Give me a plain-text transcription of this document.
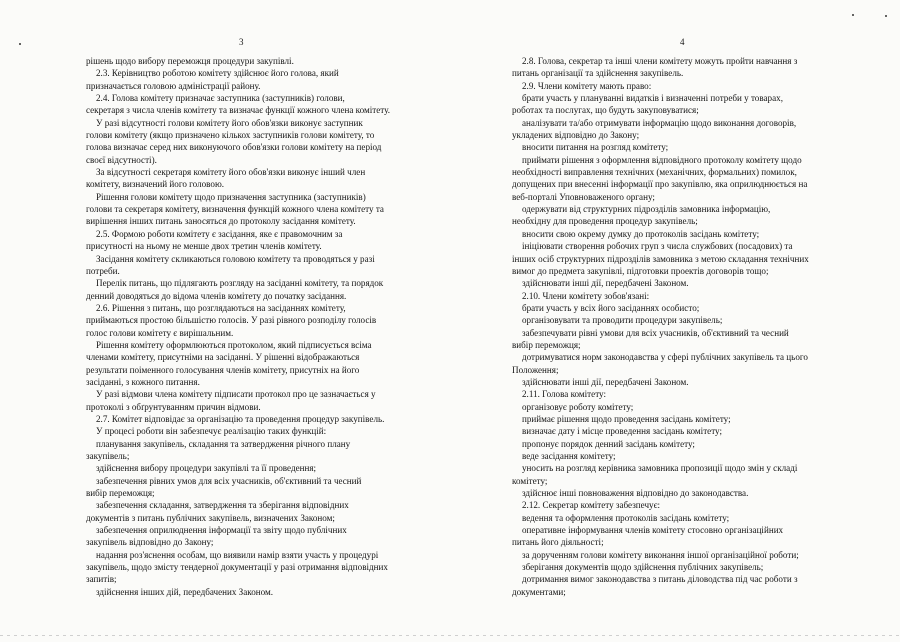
3

рішень щодо вибору переможця процедури закупівлі.

2.3. Керівництво роботою комітету здійснює його голова, який

призначається головою адміністрації району.

2.4. Голова комітету призначає заступника (заступників) голови,

секретаря з числа членів комітету та визначає функції кожного члена комітету.

У разі відсутності голови комітету його обов'язки виконує заступник

голови комітету (якщо призначено кількох заступників голови комітету, то

голова визначає серед них виконуючого обов'язки голови комітету на період

своєї відсутності).

За відсутності секретаря комітету його обов'язки виконує інший член

комітету, визначений його головою.

Рішення голови комітету щодо призначення заступника (заступників)

голови та секретаря комітету, визначення функцій кожного члена комітету та

вирішення інших питань заносяться до протоколу засідання комітету.

2.5. Формою роботи комітету є засідання, яке є правомочним за

присутності на ньому не менше двох третин членів комітету.

Засідання комітету скликаються головою комітету та проводяться у разі

потреби.

Перелік питань, що підлягають розгляду на засіданні комітету, та порядок

денний доводяться до відома членів комітету до початку засідання.

2.6. Рішення з питань, що розглядаються на засіданнях комітету,

приймаються простою більшістю голосів. У разі рівного розподілу голосів

голос голови комітету є вирішальним.

Рішення комітету оформлюються протоколом, який підписується всіма

членами комітету, присутніми на засіданні. У рішенні відображаються

результати поіменного голосування членів комітету, присутніх на його

засіданні, з кожного питання.

У разі відмови члена комітету підписати протокол про це зазначається у

протоколі з обґрунтуванням причин відмови.

2.7. Комітет відповідає за організацію та проведення процедур закупівель.

У процесі роботи він забезпечує реалізацію таких функцій:

планування закупівель, складання та затвердження річного плану

закупівель;

здійснення вибору процедури закупівлі та її проведення;

забезпечення рівних умов для всіх учасників, об'єктивний та чесний

вибір переможця;

забезпечення складання, затвердження та зберігання відповідних

документів з питань публічних закупівель, визначених Законом;

забезпечення оприлюднення інформації та звіту щодо публічних

закупівель відповідно до Закону;

надання роз'яснення особам, що виявили намір взяти участь у процедурі

закупівель, щодо змісту тендерної документації у разі отримання відповідних

запитів;

здійснення інших дій, передбачених Законом.

4

2.8. Голова, секретар та інші члени комітету можуть пройти навчання з

питань організації та здійснення закупівель.

2.9. Члени комітету мають право:

брати участь у плануванні видатків і визначенні потреби у товарах,

роботах та послугах, що будуть закуповуватися;

аналізувати та/або отримувати інформацію щодо виконання договорів,

укладених відповідно до Закону;

вносити питання на розгляд комітету;

приймати рішення з оформлення відповідного протоколу комітету щодо

необхідності виправлення технічних (механічних, формальних) помилок,

допущених при внесенні інформації про закупівлю, яка оприлюднюється на

веб-порталі Уповноваженого органу;

одержувати від структурних підрозділів замовника інформацію,

необхідну для проведення процедур закупівель;

вносити свою окрему думку до протоколів засідань комітету;

ініціювати створення робочих груп з числа службових (посадових) та

інших осіб структурних підрозділів замовника з метою складання технічних

вимог до предмета закупівлі, підготовки проектів договорів тощо;

здійснювати інші дії, передбачені Законом.

2.10. Члени комітету зобов'язані:

брати участь у всіх його засіданнях особисто;

організовувати та проводити процедури закупівель;

забезпечувати рівні умови для всіх учасників, об'єктивний та чесний

вибір переможця;

дотримуватися норм законодавства у сфері публічних закупівель та цього

Положення;

здійснювати інші дії, передбачені Законом.

2.11. Голова комітету:

організовує роботу комітету;

приймає рішення щодо проведення засідань комітету;

визначає дату і місце проведення засідань комітету;

пропонує порядок денний засідань комітету;

веде засідання комітету;

уносить на розгляд керівника замовника пропозиції щодо змін у складі

комітету;

здійснює інші повноваження відповідно до законодавства.

2.12. Секретар комітету забезпечує:

ведення та оформлення протоколів засідань комітету;

оперативне інформування членів комітету стосовно організаційних

питань його діяльності;

за дорученням голови комітету виконання іншої організаційної роботи;

зберігання документів щодо здійснення публічних закупівель;

дотримання вимог законодавства з питань діловодства під час роботи з

документами;
